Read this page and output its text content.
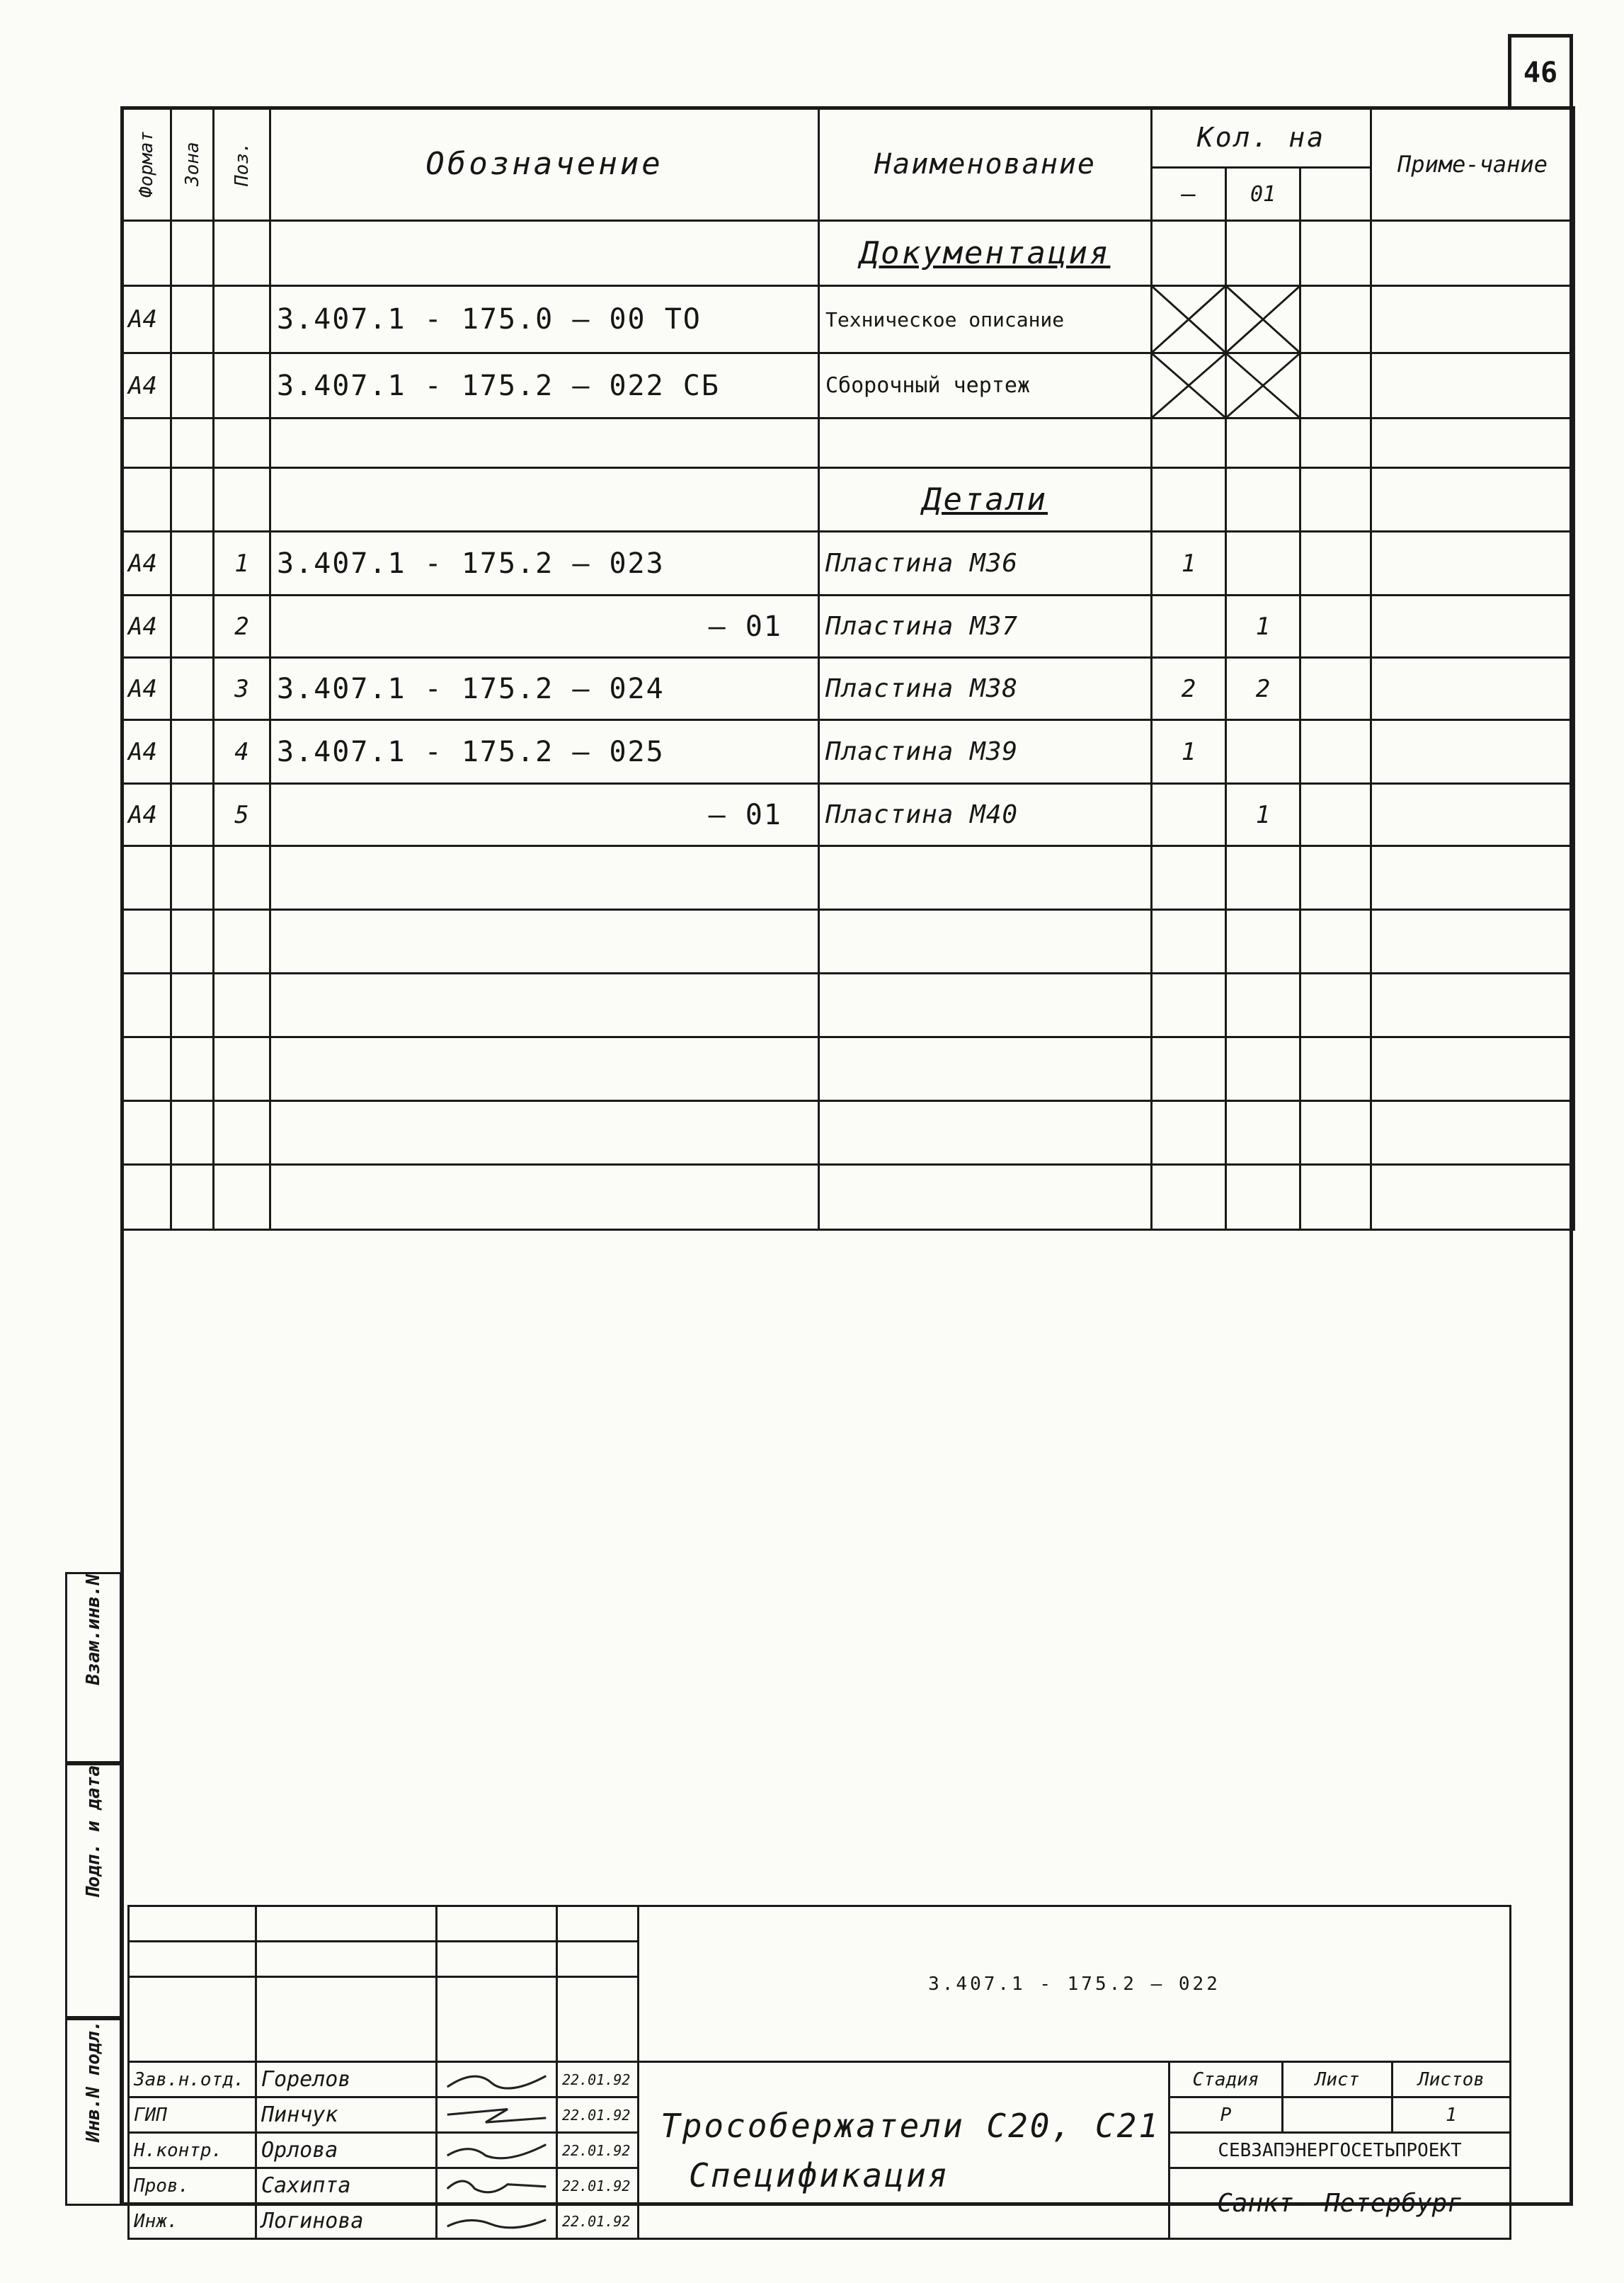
46
Формат	Зона	Поз.	Обозначение	Наименование	Кол. на			Приме-чание
					–	01		
				Документация				
А4			3.407.1 - 175.0 — 00 ТО	Техническое описание	

А4			3.407.1 - 175.2 — 022 СБ	Сборочный чертеж	

				Детали				
А4		1	3.407.1 - 175.2 — 023	Пластина М36	1			
А4		2	— 01	Пластина М37		1		
А4		3	3.407.1 - 175.2 — 024	Пластина М38	2	2		
А4		4	3.407.1 - 175.2 — 025	Пластина М39	1			
А4		5	— 01	Пластина М40		1		

				3.407.1 - 175.2 — 022			

Зав.н.отд.	Горелов		22.01.92	Трособержатели С20, С21
Спецификация	Стадия	Лист	Листов
ГИП	Пинчук		22.01.92		Р		1
Н.контр.	Орлова		22.01.92		СЕВЗАПЭНЕРГОСЕТЬПРОЕКТ		
Пров.	Сахипта		22.01.92		Санкт- Петербург		
Инж.	Логинова		22.01.92				
Взам.инв.N
Подп. и дата
Инв.N подл.
